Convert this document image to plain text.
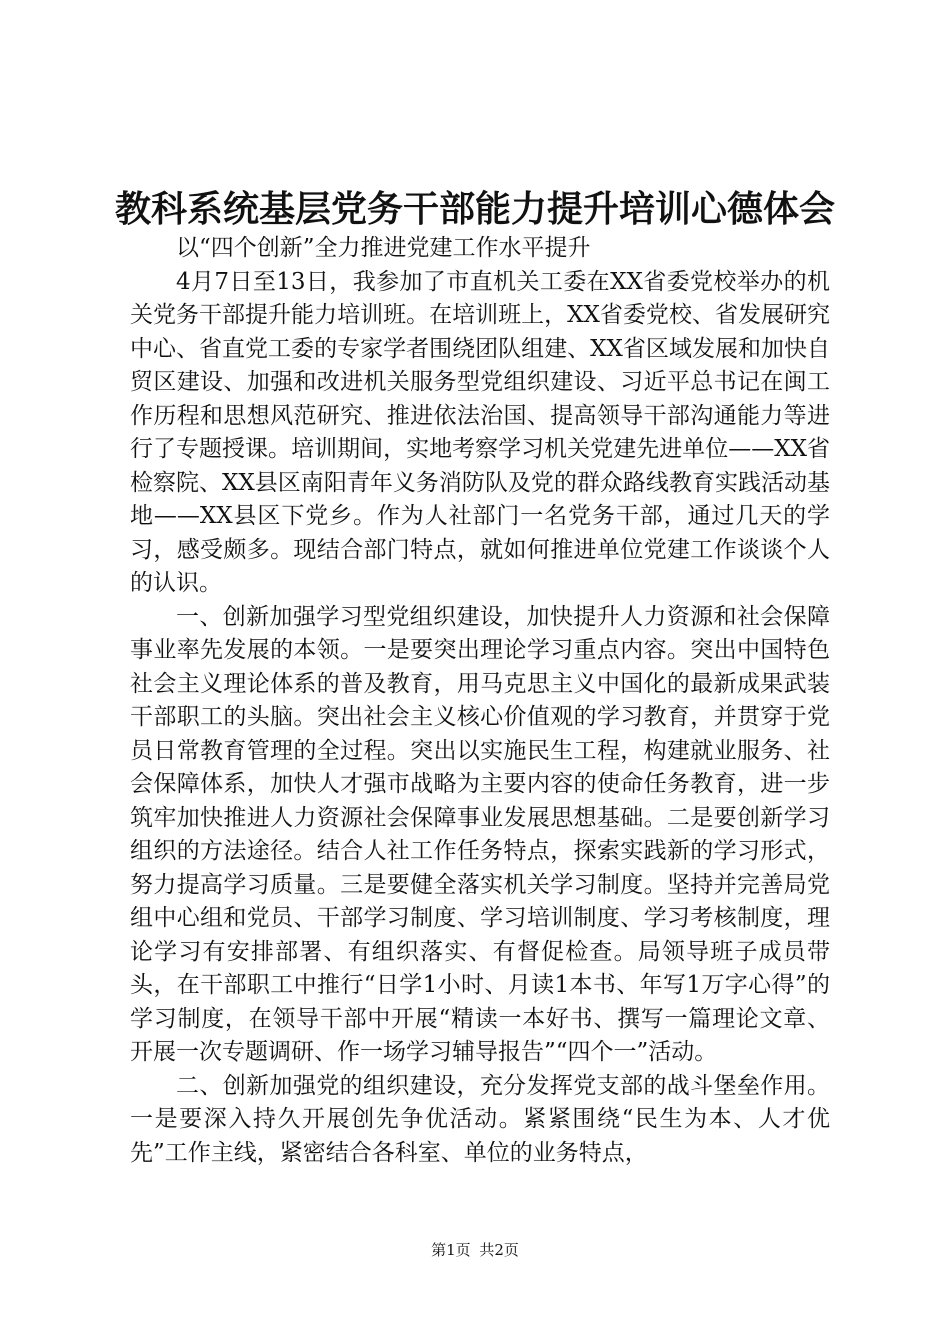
教科系统基层党务干部能力提升培训心德体会

以“四个创新”全力推进党建工作水平提升

4月7日至13日，我参加了市直机关工委在XX省委党校举办的机关党务干部提升能力培训班。在培训班上，XX省委党校、省发展研究中心、省直党工委的专家学者围绕团队组建、XX省区域发展和加快自贸区建设、加强和改进机关服务型党组织建设、习近平总书记在闽工作历程和思想风范研究、推进依法治国、提高领导干部沟通能力等进行了专题授课。培训期间，实地考察学习机关党建先进单位——XX省检察院、XX县区南阳青年义务消防队及党的群众路线教育实践活动基地——XX县区下党乡。作为人社部门一名党务干部，通过几天的学习，感受颇多。现结合部门特点，就如何推进单位党建工作谈谈个人的认识。

一、创新加强学习型党组织建设，加快提升人力资源和社会保障事业率先发展的本领。一是要突出理论学习重点内容。突出中国特色社会主义理论体系的普及教育，用马克思主义中国化的最新成果武装干部职工的头脑。突出社会主义核心价值观的学习教育，并贯穿于党员日常教育管理的全过程。突出以实施民生工程，构建就业服务、社会保障体系，加快人才强市战略为主要内容的使命任务教育，进一步筑牢加快推进人力资源社会保障事业发展思想基础。二是要创新学习组织的方法途径。结合人社工作任务特点，探索实践新的学习形式，努力提高学习质量。三是要健全落实机关学习制度。坚持并完善局党组中心组和党员、干部学习制度、学习培训制度、学习考核制度，理论学习有安排部署、有组织落实、有督促检查。局领导班子成员带头，在干部职工中推行“日学1小时、月读1本书、年写1万字心得”的学习制度，在领导干部中开展“精读一本好书、撰写一篇理论文章、开展一次专题调研、作一场学习辅导报告”“四个一”活动。

二、创新加强党的组织建设，充分发挥党支部的战斗堡垒作用。一是要深入持久开展创先争优活动。紧紧围绕“民生为本、人才优先”工作主线，紧密结合各科室、单位的业务特点，

第1页 共2页
